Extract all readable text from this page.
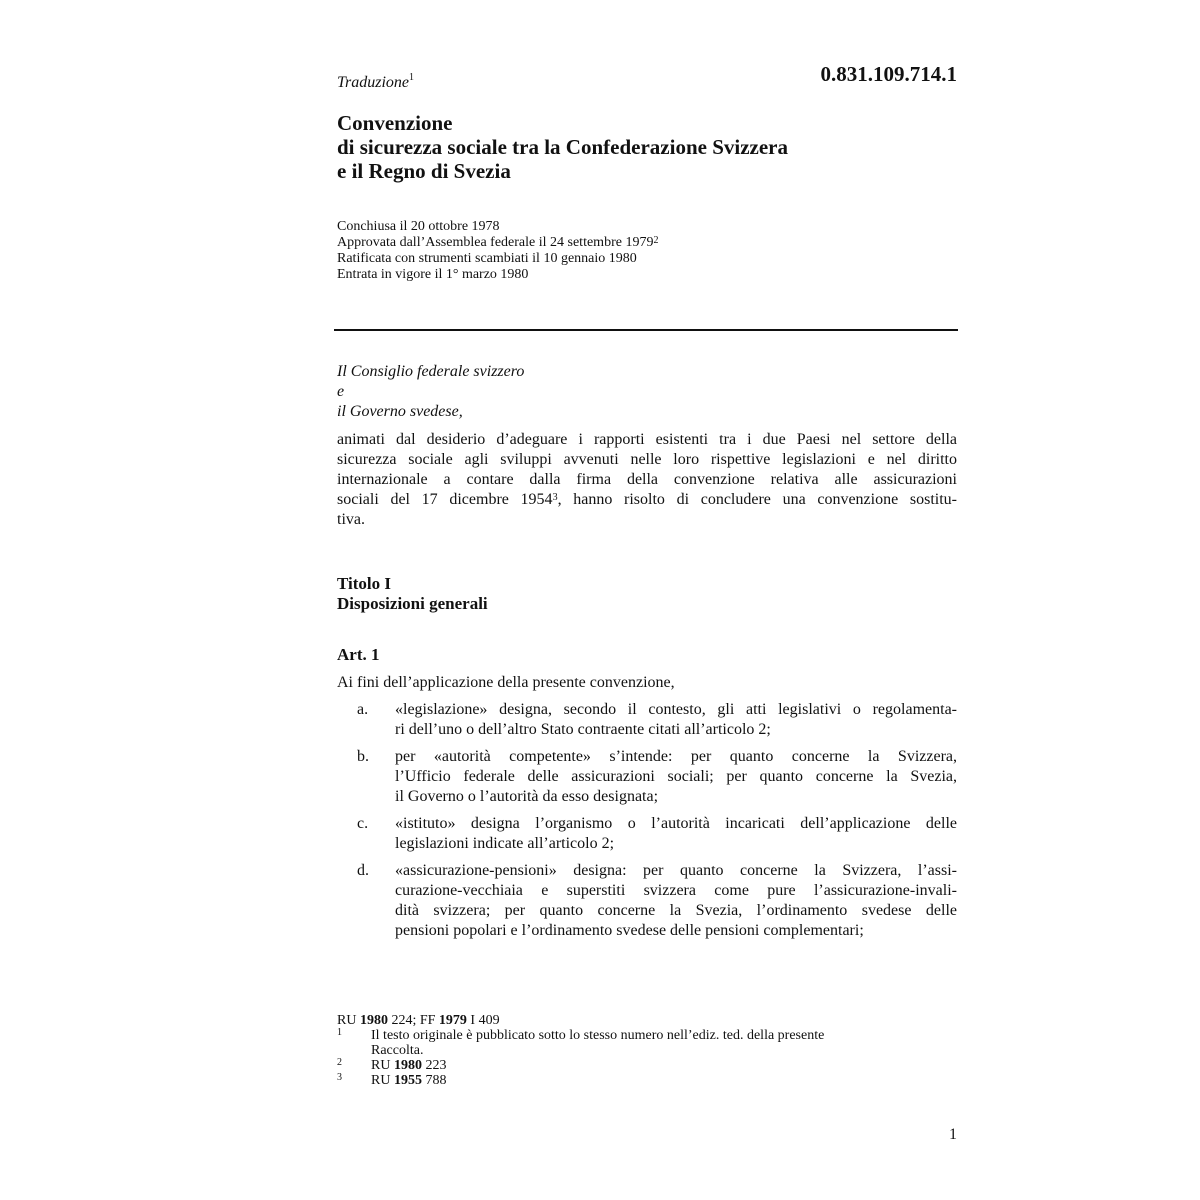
0.831.109.714.1
Traduzione$^1$
Convenzione
di sicurezza sociale tra la Confederazione Svizzera
e il Regno di Svezia
Conchiusa il 20 ottobre 1978
Approvata dall’Assemblea federale il 24 settembre 1979$^2$
Ratificata con strumenti scambiati il 10 gennaio 1980
Entrata in vigore il 1° marzo 1980
Il Consiglio federale svizzero
e
il Governo svedese,
animati dal desiderio d’adeguare i rapporti esistenti tra i due Paesi nel settore della
sicurezza sociale agli sviluppi avvenuti nelle loro rispettive legislazioni e nel diritto
internazionale a contare dalla firma della convenzione relativa alle assicurazioni
sociali del 17 dicembre 1954$^3$, hanno risolto di concludere una convenzione sostitu-
tiva.
Titolo I
Disposizioni generali
Art. 1
Ai fini dell’applicazione della presente convenzione,
a. «legislazione» designa, secondo il contesto, gli atti legislativi o regolamenta-
ri dell’uno o dell’altro Stato contraente citati all’articolo 2;
b. per «autorità competente» s’intende: per quanto concerne la Svizzera,
l’Ufficio federale delle assicurazioni sociali; per quanto concerne la Svezia,
il Governo o l’autorità da esso designata;
c. «istituto» designa l’organismo o l’autorità incaricati dell’applicazione delle
legislazioni indicate all’articolo 2;
d. «assicurazione-pensioni» designa: per quanto concerne la Svizzera, l’assi-
curazione-vecchiaia e superstiti svizzera come pure l’assicurazione-invali-
dità svizzera; per quanto concerne la Svezia, l’ordinamento svedese delle
pensioni popolari e l’ordinamento svedese delle pensioni complementari;
RU 1980 224; FF 1979 I 409
1 Il testo originale è pubblicato sotto lo stesso numero nell’ediz. ted. della presente
Raccolta.
2 RU 1980 223
3 RU 1955 788
1
